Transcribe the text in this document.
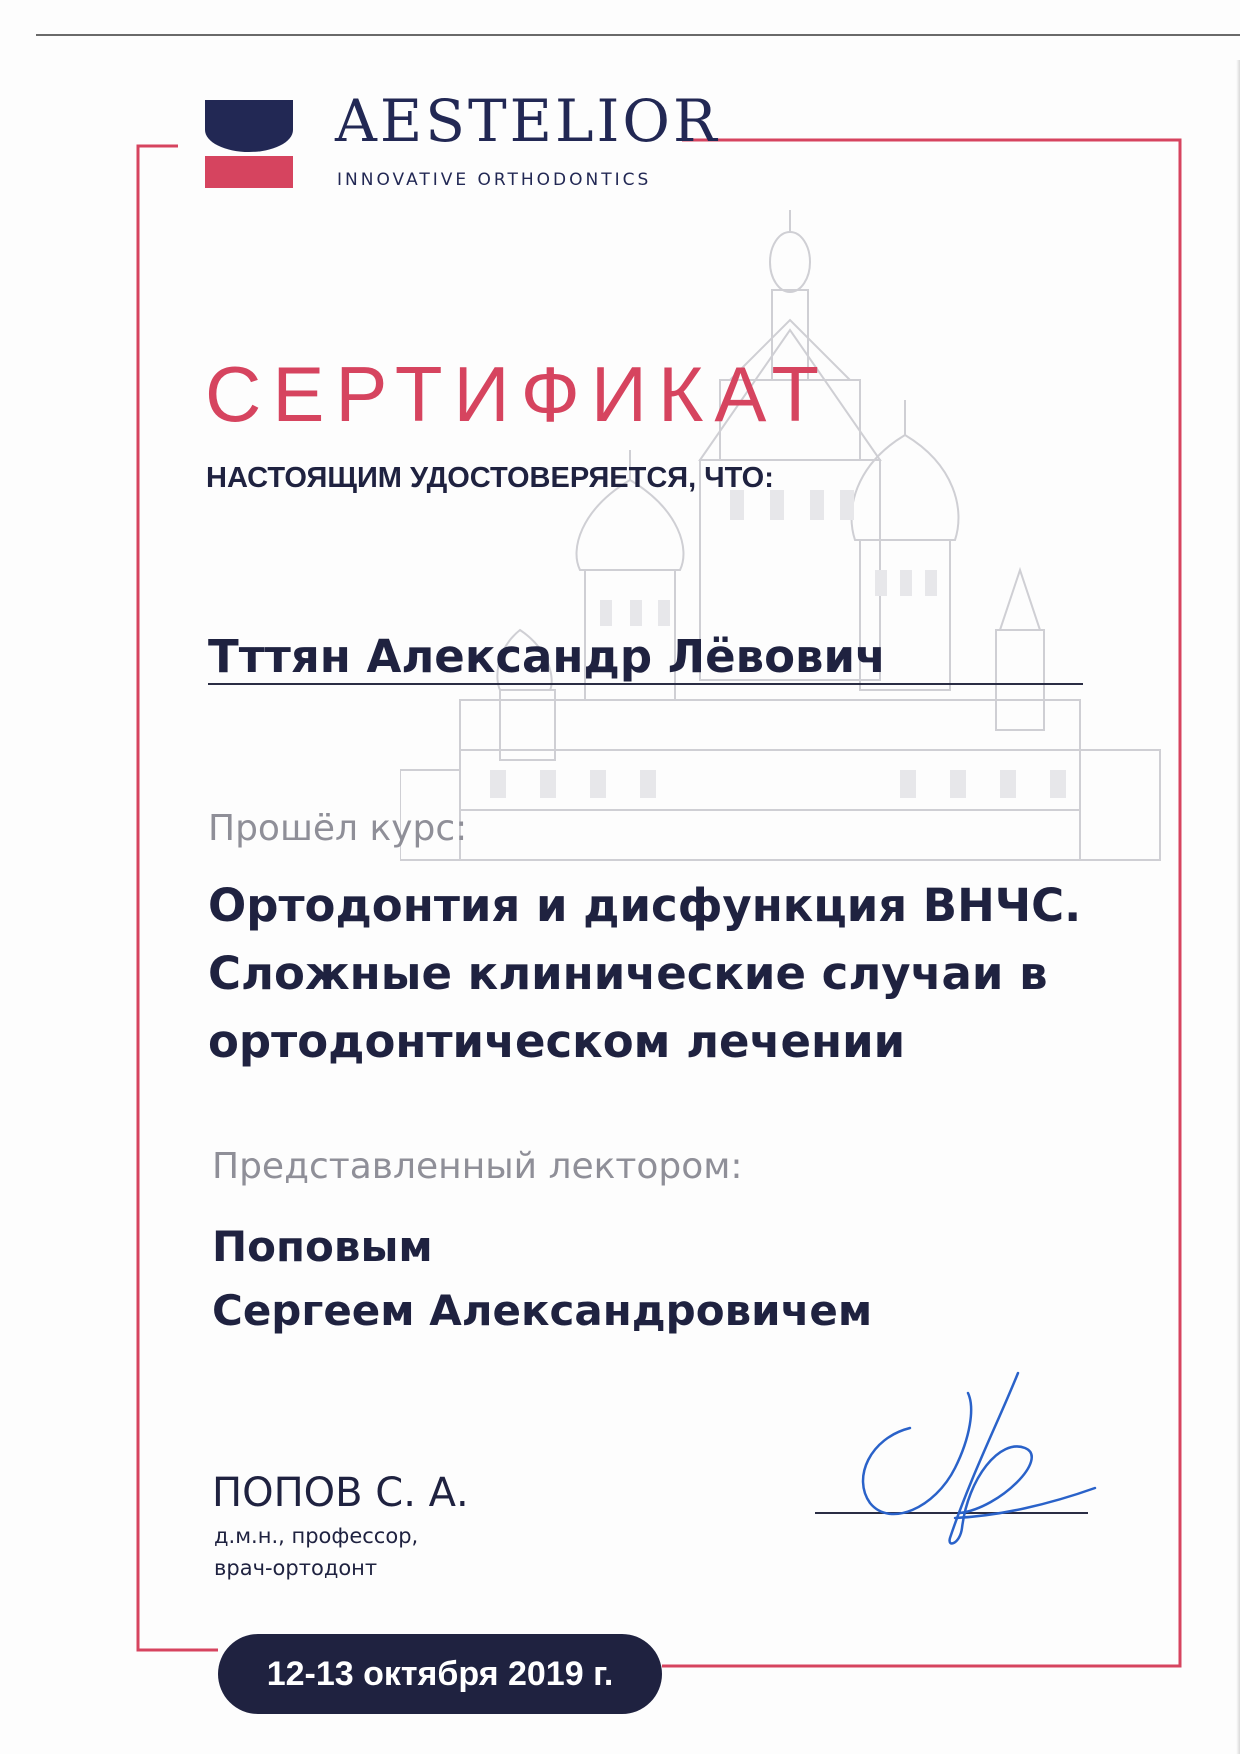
AESTELIOR
INNOVATIVE ORTHODONTICS
СЕРТИФИКАТ
НАСТОЯЩИМ УДОСТОВЕРЯЕТСЯ, ЧТО:
Тттян Александр Лёвович
Прошёл курс:
Ортодонтия и дисфункция ВНЧС.
Сложные клинические случаи в
ортодонтическом лечении
Представленный лектором:
Поповым
Сергеем Александровичем
ПОПОВ С. А.
д.м.н., профессор,
врач-ортодонт
12-13 октября 2019 г.
